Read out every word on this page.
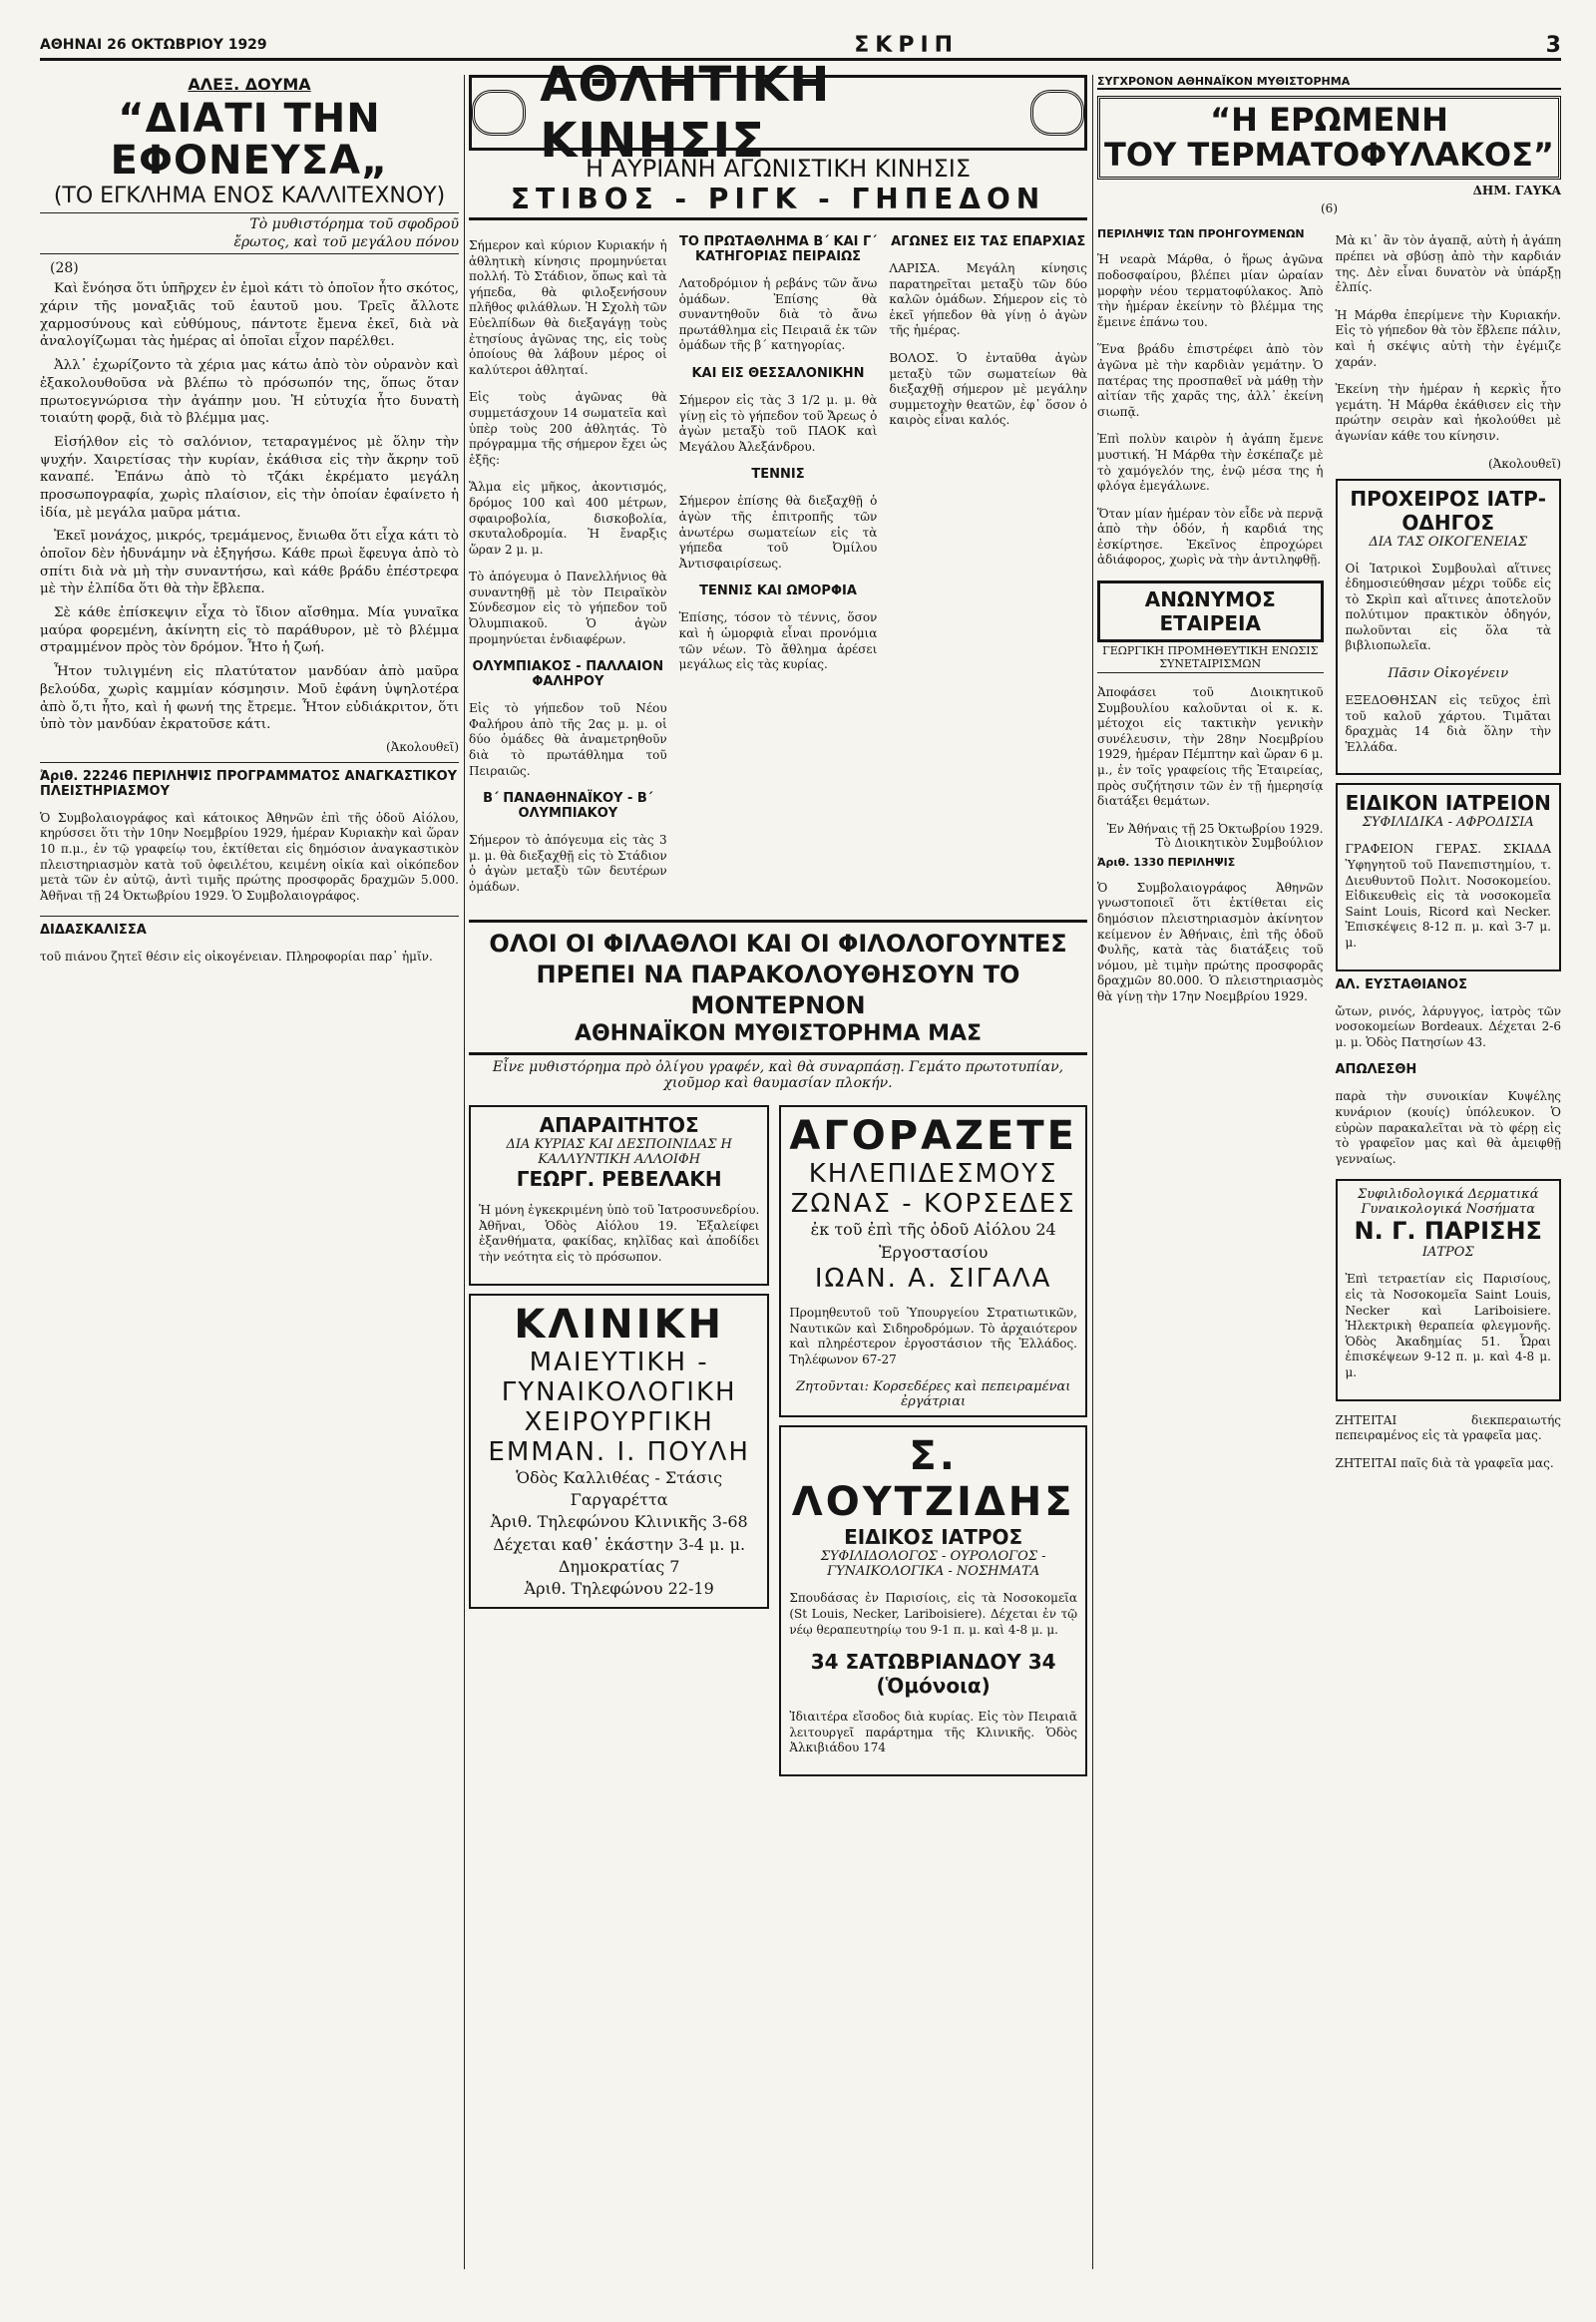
ΑΘΗΝΑΙ 26 ΟΚΤΩΒΡΙΟΥ 1929	ΣΚΡΙΠ	3
ΑΛΕΞ. ΔΟΥΜΑ
“ΔΙΑΤΙ ΤΗΝ ΕΦΟΝΕΥΣΑ„
(ΤΟ ΕΓΚΛΗΜΑ ΕΝΟΣ ΚΑΛΛΙΤΕΧΝΟΥ)
Τὸ μυθιστόρημα τοῦ σφοδροῦ
ἔρωτος, καὶ τοῦ μεγάλου πόνου
(28)

Καὶ ἔνόησα ὅτι ὑπῆρχεν ἐν ἐμοὶ κάτι τὸ ὁποῖον ἦτο σκότος, χάριν τῆς μοναξιᾶς τοῦ ἑαυτοῦ μου. Τρεῖς ἄλλοτε χαρμοσύνους καὶ εὐθύμους, πάντοτε ἔμενα ἐκεῖ, διὰ νὰ ἀναλογίζωμαι τὰς ἡμέρας αἱ ὁποῖαι εἶχον παρέλθει.

Ἀλλ᾽ ἐχωρίζοντο τὰ χέρια μας κάτω ἀπὸ τὸν οὐρανὸν καὶ ἐξακολουθοῦσα νὰ βλέπω τὸ πρόσωπόν της, ὅπως ὅταν πρωτοεγνώρισα τὴν ἀγάπην μου. Ἡ εὐτυχία ἦτο δυνατὴ τοιαύτη φορᾷ, διὰ τὸ βλέμμα μας.

Εἰσήλθον εἰς τὸ σαλόνιον, τεταραγμένος μὲ ὅλην τὴν ψυχήν. Χαιρετίσας τὴν κυρίαν, ἐκάθισα εἰς τὴν ἄκρην τοῦ καναπέ. Ἐπάνω ἀπὸ τὸ τζάκι ἐκρέματο μεγάλη προσωπογραφία, χωρὶς πλαίσιον, εἰς τὴν ὁποίαν ἐφαίνετο ἡ ἰδία, μὲ μεγάλα μαῦρα μάτια.

Ἐκεῖ μονάχος, μικρός, τρεμάμενος, ἔνιωθα ὅτι εἶχα κάτι τὸ ὁποῖον δὲν ἠδυνάμην νὰ ἐξηγήσω. Κάθε πρωὶ ἔφευγα ἀπὸ τὸ σπίτι διὰ νὰ μὴ τὴν συναντήσω, καὶ κάθε βράδυ ἐπέστρεφα μὲ τὴν ἐλπίδα ὅτι θὰ τὴν ἔβλεπα.

Σὲ κάθε ἐπίσκεψιν εἶχα τὸ ἴδιον αἴσθημα. Μία γυναῖκα μαύρα φορεμένη, ἀκίνητη εἰς τὸ παράθυρον, μὲ τὸ βλέμμα στραμμένον πρὸς τὸν δρόμον. Ἦτο ἡ ζωή.

Ἦτον τυλιγμένη εἰς πλατύτατον μανδύαν ἀπὸ μαῦρα βελούδα, χωρὶς καμμίαν κόσμησιν. Μοῦ ἐφάνη ὑψηλοτέρα ἀπὸ ὅ,τι ἦτο, καὶ ἡ φωνή της ἔτρεμε. Ἦτον εὐδιάκριτον, ὅτι ὑπὸ τὸν μανδύαν ἐκρατοῦσε κάτι.

(Ἀκολουθεῖ)
Ἀριθ. 22246 ΠΕΡΙΛΗΨΙΣ ΠΡΟΓΡΑΜΜΑΤΟΣ ΑΝΑΓΚΑΣΤΙΚΟΥ ΠΛΕΙΣΤΗΡΙΑΣΜΟΥ

Ὁ Συμβολαιογράφος καὶ κάτοικος Ἀθηνῶν ἐπὶ τῆς ὁδοῦ Αἰόλου, κηρύσσει ὅτι τὴν 10ην Νοεμβρίου 1929, ἡμέραν Κυριακὴν καὶ ὥραν 10 π.μ., ἐν τῷ γραφείῳ του, ἐκτίθεται εἰς δημόσιον ἀναγκαστικὸν πλειστηριασμὸν κατὰ τοῦ ὀφειλέτου, κειμένη οἰκία καὶ οἰκόπεδον μετὰ τῶν ἐν αὐτῷ, ἀντὶ τιμῆς πρώτης προσφορᾶς δραχμῶν 5.000. Ἀθῆναι τῇ 24 Ὀκτωβρίου 1929. Ὁ Συμβολαιογράφος.

ΔΙΔΑΣΚΑΛΙΣΣΑ

τοῦ πιάνου ζητεῖ θέσιν εἰς οἰκογένειαν. Πληροφορίαι παρ᾽ ἡμῖν.

ΑΘΛΗΤΙΚΗ ΚΙΝΗΣΙΣ
Η ΑΥΡΙΑΝΗ ΑΓΩΝΙΣΤΙΚΗ ΚΙΝΗΣΙΣ
ΣΤΙΒΟΣ - ΡΙΓΚ - ΓΗΠΕΔΟΝ

Σήμερον καὶ κύριον Κυριακήν ἡ ἀθλητικὴ κίνησις προμηνύεται πολλή. Τὸ Στάδιον, ὅπως καὶ τὰ γήπεδα, θὰ φιλοξενήσουν πλῆθος φιλάθλων. Ἡ Σχολὴ τῶν Εὐελπίδων θὰ διεξαγάγῃ τοὺς ἐτησίους ἀγῶνας της, εἰς τοὺς ὁποίους θὰ λάβουν μέρος οἱ καλύτεροι ἀθληταί.

Εἰς τοὺς ἀγῶνας θὰ συμμετάσχουν 14 σωματεῖα καὶ ὑπὲρ τοὺς 200 ἀθλητάς. Τὸ πρόγραμμα τῆς σήμερον ἔχει ὡς ἑξῆς:

Ἅλμα εἰς μῆκος, ἀκοντισμός, δρόμος 100 καὶ 400 μέτρων, σφαιροβολία, δισκοβολία, σκυταλοδρομία. Ἡ ἔναρξις ὥραν 2 μ. μ.

Τὸ ἀπόγευμα ὁ Πανελλήνιος θὰ συναντηθῇ μὲ τὸν Πειραϊκὸν Σύνδεσμον εἰς τὸ γήπεδον τοῦ Ὀλυμπιακοῦ. Ὁ ἀγὼν προμηνύεται ἐνδιαφέρων.

ΟΛΥΜΠΙΑΚΟΣ - ΠΑΛΛΑΙΟΝ ΦΑΛΗΡΟΥ

Εἰς τὸ γήπεδον τοῦ Νέου Φαλήρου ἀπὸ τῆς 2ας μ. μ. οἱ δύο ὁμάδες θὰ ἀναμετρηθοῦν διὰ τὸ πρωτάθλημα τοῦ Πειραιῶς.

Β΄ ΠΑΝΑΘΗΝΑΪΚΟΥ - Β΄ ΟΛΥΜΠΙΑΚΟΥ

Σήμερον τὸ ἀπόγευμα εἰς τὰς 3 μ. μ. θὰ διεξαχθῇ εἰς τὸ Στάδιον ὁ ἀγὼν μεταξὺ τῶν δευτέρων ὁμάδων.

ΤΟ ΠΡΩΤΑΘΛΗΜΑ Β΄ ΚΑΙ Γ΄ ΚΑΤΗΓΟΡΙΑΣ ΠΕΙΡΑΙΩΣ

Λατοδρόμιον ἡ ρεβάνς τῶν ἄνω ὁμάδων. Ἐπίσης θὰ συναντηθοῦν διὰ τὸ ἄνω πρωτάθλημα εἰς Πειραιᾶ ἐκ τῶν ὁμάδων τῆς β΄ κατηγορίας.

ΚΑΙ ΕΙΣ ΘΕΣΣΑΛΟΝΙΚΗΝ

Σήμερον εἰς τὰς 3 1/2 μ. μ. θὰ γίνῃ εἰς τὸ γήπεδον τοῦ Ἄρεως ὁ ἀγὼν μεταξὺ τοῦ ΠΑΟΚ καὶ Μεγάλου Ἀλεξάνδρου.

ΤΕΝΝΙΣ

Σήμερον ἐπίσης θὰ διεξαχθῇ ὁ ἀγὼν τῆς ἐπιτροπῆς τῶν ἀνωτέρω σωματείων εἰς τὰ γήπεδα τοῦ Ὀμίλου Ἀντισφαιρίσεως.

ΤΕΝΝΙΣ ΚΑΙ ΩΜΟΡΦΙΑ

Ἐπίσης, τόσον τὸ τέννις, ὅσον καὶ ἡ ὡμορφιὰ εἶναι προνόμια τῶν νέων. Τὸ ἄθλημα ἀρέσει μεγάλως εἰς τὰς κυρίας.

ΑΓΩΝΕΣ ΕΙΣ ΤΑΣ ΕΠΑΡΧΙΑΣ

ΛΑΡΙΣΑ. Μεγάλη κίνησις παρατηρεῖται μεταξὺ τῶν δύο καλῶν ὁμάδων. Σήμερον εἰς τὸ ἐκεῖ γήπεδον θὰ γίνῃ ὁ ἀγὼν τῆς ἡμέρας.

ΒΟΛΟΣ. Ὁ ἐνταῦθα ἀγὼν μεταξὺ τῶν σωματείων θὰ διεξαχθῇ σήμερον μὲ μεγάλην συμμετοχὴν θεατῶν, ἐφ᾽ ὅσον ὁ καιρὸς εἶναι καλός.

ΟΛΟΙ ΟΙ ΦΙΛΑΘΛΟΙ ΚΑΙ ΟΙ ΦΙΛΟΛΟΓΟΥΝΤΕΣ
ΠΡΕΠΕΙ ΝΑ ΠΑΡΑΚΟΛΟΥΘΗΣΟΥΝ ΤΟ ΜΟΝΤΕΡΝΟΝ
ΑΘΗΝΑΪΚΟΝ ΜΥΘΙΣΤΟΡΗΜΑ ΜΑΣ
Εἶνε μυθιστόρημα πρὸ ὀλίγου γραφέν, καὶ θὰ συναρπάσῃ. Γεμάτο πρωτοτυπίαν, χιοῦμορ καὶ θαυμασίαν πλοκήν.
ΑΠΑΡΑΙΤΗΤΟΣ
ΔΙΑ ΚΥΡΙΑΣ ΚΑΙ ΔΕΣΠΟΙΝΙΔΑΣ Η ΚΑΛΛΥΝΤΙΚΗ ΑΛΛΟΙΦΗ
ΓΕΩΡΓ. ΡΕΒΕΛΑΚΗ

Ἡ μόνη ἐγκεκριμένη ὑπὸ τοῦ Ἰατροσυνεδρίου. Ἀθῆναι, Ὁδὸς Αἰόλου 19. Ἐξαλείφει ἐξανθήματα, φακίδας, κηλῖδας καὶ ἀποδίδει τὴν νεότητα εἰς τὸ πρόσωπον.

ΚΛΙΝΙΚΗ
ΜΑΙΕΥΤΙΚΗ - ΓΥΝΑΙΚΟΛΟΓΙΚΗ
ΧΕΙΡΟΥΡΓΙΚΗ
ΕΜΜΑΝ. Ι. ΠΟΥΛΗ
Ὁδὸς Καλλιθέας - Στάσις Γαργαρέττα
Ἀριθ. Τηλεφώνου Κλινικῆς 3-68
Δέχεται καθ᾽ ἑκάστην 3-4 μ. μ.
Δημοκρατίας 7
Ἀριθ. Τηλεφώνου 22-19
ΑΓΟΡΑΖΕΤΕ
ΚΗΛΕΠΙΔΕΣΜΟΥΣ
ΖΩΝΑΣ - ΚΟΡΣΕΔΕΣ
ἐκ τοῦ ἐπὶ τῆς ὁδοῦ Αἰόλου 24 Ἐργοστασίου
ΙΩΑΝ. Α. ΣΙΓΑΛΑ

Προμηθευτοῦ τοῦ Ὑπουργείου Στρατιωτικῶν, Ναυτικῶν καὶ Σιδηροδρόμων. Τὸ ἀρχαιότερον καὶ πληρέστερον ἐργοστάσιον τῆς Ἑλλάδος. Τηλέφωνον 67-27

Ζητοῦνται: Κορσεδέρες καὶ πεπειραμέναι ἐργάτριαι
Σ. ΛΟΥΤΖΙΔΗΣ
ΕΙΔΙΚΟΣ ΙΑΤΡΟΣ
ΣΥΦΙΛΙΔΟΛΟΓΟΣ - ΟΥΡΟΛΟΓΟΣ - ΓΥΝΑΙΚΟΛΟΓΙΚΑ - ΝΟΣΗΜΑΤΑ

Σπουδάσας ἐν Παρισίοις, εἰς τὰ Νοσοκομεῖα (St Louis, Necker, Lariboisiere). Δέχεται ἐν τῷ νέῳ θεραπευτηρίῳ του 9-1 π. μ. καὶ 4-8 μ. μ.

34 ΣΑΤΩΒΡΙΑΝΔΟΥ 34 (Ὁμόνοια)

Ἰδιαιτέρα εἴσοδος διὰ κυρίας. Εἰς τὸν Πειραιᾶ λειτουργεῖ παράρτημα τῆς Κλινικῆς. Ὁδὸς Ἀλκιβιάδου 174

ΣΥΓΧΡΟΝΟΝ ΑΘΗΝΑΪΚΟΝ ΜΥΘΙΣΤΟΡΗΜΑ
“Η ΕΡΩΜΕΝΗ
ΤΟΥ ΤΕΡΜΑΤΟΦΥΛΑΚΟΣ”
ΔΗΜ. ΓΑΥΚΑ
(6)
ΠΕΡΙΛΗΨΙΣ ΤΩΝ ΠΡΟΗΓΟΥΜΕΝΩΝ

Ἡ νεαρὰ Μάρθα, ὁ ἥρως ἀγῶνα ποδοσφαίρου, βλέπει μίαν ὡραίαν μορφὴν νέου τερματοφύλακος. Ἀπὸ τὴν ἡμέραν ἐκείνην τὸ βλέμμα της ἔμεινε ἐπάνω του.

Ἕνα βράδυ ἐπιστρέφει ἀπὸ τὸν ἀγῶνα μὲ τὴν καρδιὰν γεμάτην. Ὁ πατέρας της προσπαθεῖ νὰ μάθῃ τὴν αἰτίαν τῆς χαρᾶς της, ἀλλ᾽ ἐκείνη σιωπᾷ.

Ἐπὶ πολὺν καιρὸν ἡ ἀγάπη ἔμενε μυστική. Ἡ Μάρθα τὴν ἐσκέπαζε μὲ τὸ χαμόγελόν της, ἐνῷ μέσα της ἡ φλόγα ἐμεγάλωνε.

Ὅταν μίαν ἡμέραν τὸν εἶδε νὰ περνᾷ ἀπὸ τὴν ὁδόν, ἡ καρδιά της ἐσκίρτησε. Ἐκεῖνος ἐπροχώρει ἀδιάφορος, χωρὶς νὰ τὴν ἀντιληφθῇ.

ΑΝΩΝΥΜΟΣ ΕΤΑΙΡΕΙΑ
ΓΕΩΡΓΙΚΗ ΠΡΟΜΗΘΕΥΤΙΚΗ ΕΝΩΣΙΣ ΣΥΝΕΤΑΙΡΙΣΜΩΝ

Ἀποφάσει τοῦ Διοικητικοῦ Συμβουλίου καλοῦνται οἱ κ. κ. μέτοχοι εἰς τακτικὴν γενικὴν συνέλευσιν, τὴν 28ην Νοεμβρίου 1929, ἡμέραν Πέμπτην καὶ ὥραν 6 μ. μ., ἐν τοῖς γραφείοις τῆς Ἑταιρείας, πρὸς συζήτησιν τῶν ἐν τῇ ἡμερησίᾳ διατάξει θεμάτων.

Ἐν Ἀθήναις τῇ 25 Ὀκτωβρίου 1929. Τὸ Διοικητικὸν Συμβούλιον
Ἀριθ. 1330 ΠΕΡΙΛΗΨΙΣ

Ὁ Συμβολαιογράφος Ἀθηνῶν γνωστοποιεῖ ὅτι ἐκτίθεται εἰς δημόσιον πλειστηριασμὸν ἀκίνητον κείμενον ἐν Ἀθήναις, ἐπὶ τῆς ὁδοῦ Φυλῆς, κατὰ τὰς διατάξεις τοῦ νόμου, μὲ τιμὴν πρώτης προσφορᾶς δραχμῶν 80.000. Ὁ πλειστηριασμὸς θὰ γίνῃ τὴν 17ην Νοεμβρίου 1929.

Μὰ κι᾽ ἂν τὸν ἀγαπᾷ, αὐτὴ ἡ ἀγάπη πρέπει νὰ σβύσῃ ἀπὸ τὴν καρδιάν της. Δὲν εἶναι δυνατὸν νὰ ὑπάρξῃ ἐλπίς.

Ἡ Μάρθα ἐπερίμενε τὴν Κυριακήν. Εἰς τὸ γήπεδον θὰ τὸν ἔβλεπε πάλιν, καὶ ἡ σκέψις αὐτὴ τὴν ἐγέμιζε χαράν.

Ἐκείνη τὴν ἡμέραν ἡ κερκὶς ἦτο γεμάτη. Ἡ Μάρθα ἐκάθισεν εἰς τὴν πρώτην σειρὰν καὶ ἠκολούθει μὲ ἀγωνίαν κάθε του κίνησιν.

(Ἀκολουθεῖ)
ΠΡΟΧΕΙΡΟΣ ΙΑΤΡ-ΟΔΗΓΟΣ
ΔΙΑ ΤΑΣ ΟΙΚΟΓΕΝΕΙΑΣ

Οἱ Ἰατρικοὶ Συμβουλαὶ αἵτινες ἐδημοσιεύθησαν μέχρι τοῦδε εἰς τὸ Σκρὶπ καὶ αἵτινες ἀποτελοῦν πολύτιμον πρακτικὸν ὁδηγόν, πωλοῦνται εἰς ὅλα τὰ βιβλιοπωλεῖα.

Πᾶσιν Οἰκογένειν

ΕΞΕΔΟΘΗΣΑΝ εἰς τεῦχος ἐπὶ τοῦ καλοῦ χάρτου. Τιμᾶται δραχμὰς 14 διὰ ὅλην τὴν Ἑλλάδα.

ΕΙΔΙΚΟΝ ΙΑΤΡΕΙΟΝ
ΣΥΦΙΛΙΔΙΚΑ - ΑΦΡΟΔΙΣΙΑ

ΓΡΑΦΕΙΟΝ ΓΕΡΑΣ. ΣΚΙΑΔΑ Ὑφηγητοῦ τοῦ Πανεπιστημίου, τ. Διευθυντοῦ Πολιτ. Νοσοκομείου. Εἰδικευθεὶς εἰς τὰ νοσοκομεῖα Saint Louis, Ricord καὶ Necker. Ἐπισκέψεις 8-12 π. μ. καὶ 3-7 μ. μ.

ΑΛ. ΕΥΣΤΑΘΙΑΝΟΣ

ὤτων, ρινός, λάρυγγος, ἰατρὸς τῶν νοσοκομείων Bordeaux. Δέχεται 2-6 μ. μ. Ὁδὸς Πατησίων 43.

ΑΠΩΛΕΣΘΗ

παρὰ τὴν συνοικίαν Κυψέλης κυνάριον (κουίς) ὑπόλευκον. Ὁ εὑρὼν παρακαλεῖται νὰ τὸ φέρῃ εἰς τὸ γραφεῖον μας καὶ θὰ ἀμειφθῇ γενναίως.

Συφιλιδολογικά Δερματικά Γυναικολογικά Νοσήματα
Ν. Γ. ΠΑΡΙΣΗΣ
ΙΑΤΡΟΣ

Ἐπὶ τετραετίαν εἰς Παρισίους, εἰς τὰ Νοσοκομεῖα Saint Louis, Necker καὶ Lariboisiere. Ἠλεκτρικὴ θεραπεία φλεγμονῆς. Ὁδὸς Ἀκαδημίας 51. Ὧραι ἐπισκέψεων 9-12 π. μ. καὶ 4-8 μ. μ.

ΖΗΤΕΙΤΑΙ διεκπεραιωτής πεπειραμένος εἰς τὰ γραφεῖα μας.

ΖΗΤΕΙΤΑΙ παῖς διὰ τὰ γραφεῖα μας.
